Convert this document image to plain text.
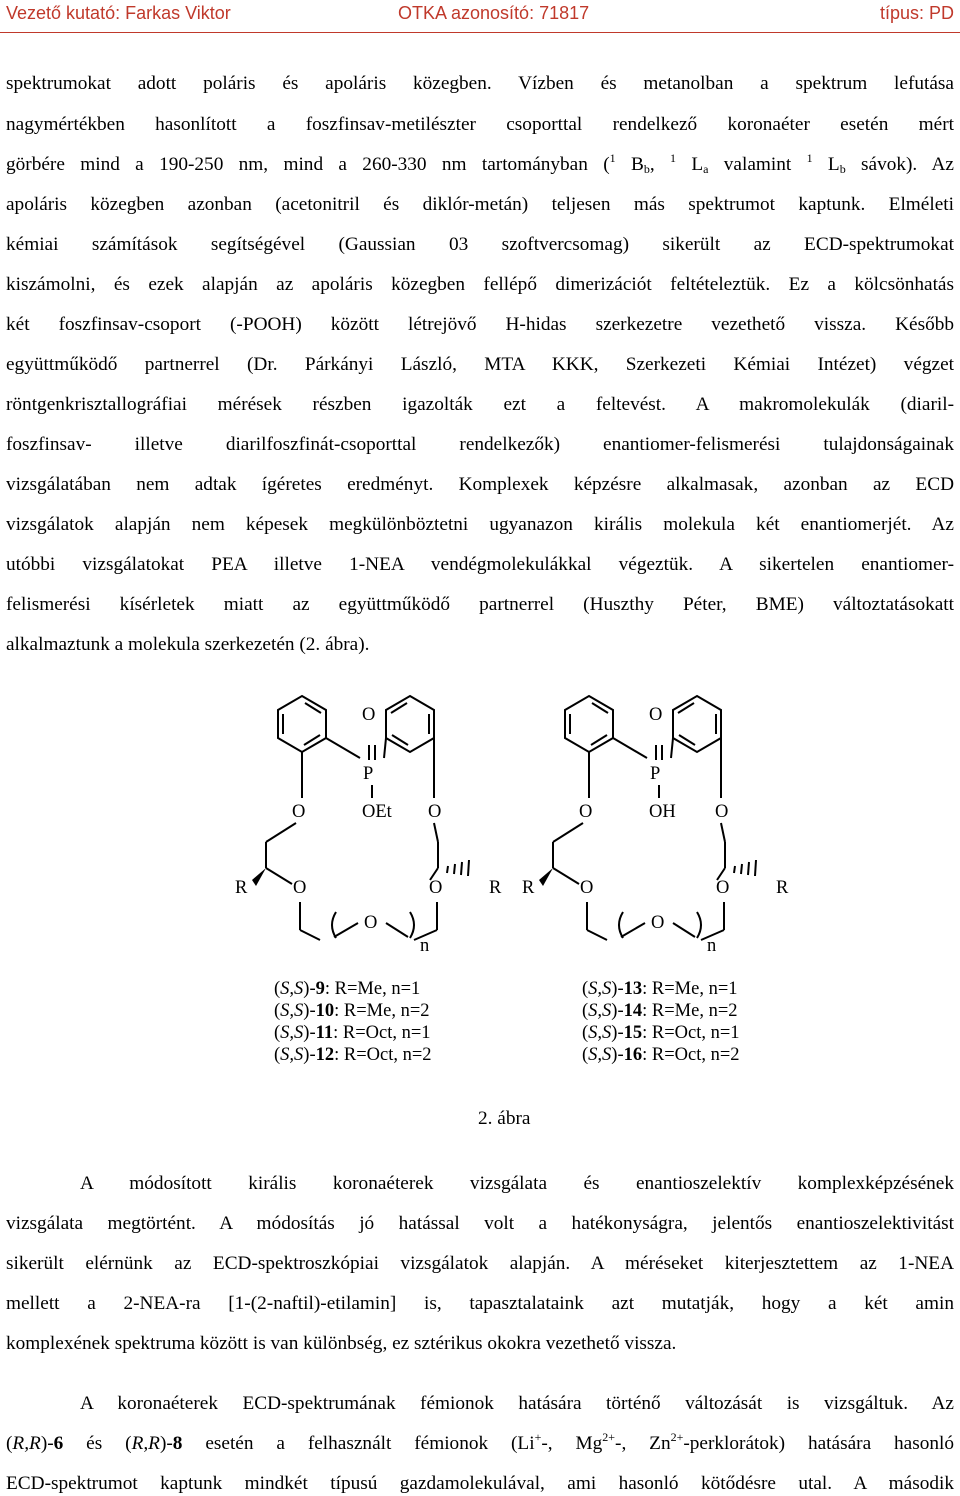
Vezető kutató: Farkas Viktor	OTKA azonosító: 71817	típus: PD
spektrumokat adott poláris és apoláris közegben. Vízben és metanolban a spektrum lefutása
nagymértékben hasonlított a foszfinsav-metilészter csoporttal rendelkező koronaéter esetén mért
görbére mind a 190-250 nm, mind a 260-330 nm tartományban ($^1$ $B_b$, $^1$ $L_a$ valamint $^1$ $L_b$ sávok). Az
apoláris közegben azonban (acetonitril és diklór-metán) teljesen más spektrumot kaptunk. Elméleti
kémiai számítások segítségével (Gaussian 03 szoftvercsomag) sikerült az ECD-spektrumokat
kiszámolni, és ezek alapján az apoláris közegben fellépő dimerizációt feltételeztük. Ez a kölcsönhatás
két foszfinsav-csoport (-POOH) között létrejövő H-hidas szerkezetre vezethető vissza. Később
együttműködő partnerrel (Dr. Párkányi László, MTA KKK, Szerkezeti Kémiai Intézet) végzet
röntgenkrisztallográfiai mérések részben igazolták ezt a feltevést. A makromolekulák (diaril-
foszfinsav- illetve diarilfoszfinát-csoporttal rendelkezők) enantiomer-felismerési tulajdonságainak
vizsgálatában nem adtak ígéretes eredményt. Komplexek képzésre alkalmasak, azonban az ECD
vizsgálatok alapján nem képesek megkülönböztetni ugyanazon királis molekula két enantiomerjét. Az
utóbbi vizsgálatokat PEA illetve 1-NEA vendégmolekulákkal végeztük. A sikertelen enantiomer-
felismerési kísérletek miatt az együttműködő partnerrel (Huszthy Péter, BME) változtatásokatt
alkalmaztunk a molekula szerkezetén (2. ábra).
O
P
O	OEt O
R O	O	R
O
n
O
P
O	OH O
R O	O	R
O
n
(S,S)-9: R=Me, n=1
(S,S)-10: R=Me, n=2
(S,S)-11: R=Oct, n=1
(S,S)-12: R=Oct, n=2
(S,S)-13: R=Me, n=1
(S,S)-14: R=Me, n=2
(S,S)-15: R=Oct, n=1
(S,S)-16: R=Oct, n=2
2. ábra
A módosított királis koronaéterek vizsgálata és enantioszelektív komplexképzésének
vizsgálata megtörtént. A módosítás jó hatással volt a hatékonyságra, jelentős enantioszelektivitást
sikerült elérnünk az ECD-spektroszkópiai vizsgálatok alapján. A méréseket kiterjesztettem az 1-NEA
mellett a 2-NEA-ra [1-(2-naftil)-etilamin] is, tapasztalataink azt mutatják, hogy a két amin
komplexének spektruma között is van különbség, ez sztérikus okokra vezethető vissza.
A koronaéterek ECD-spektrumának fémionok hatására történő változását is vizsgáltuk. Az
(R,R)-6 és (R,R)-8 esetén a felhasznált fémionok (Li+-, $Mg^{2+}-$, $Zn^{2+}-perklorátok$) hatására hasonló
ECD-spektrumot kaptunk mindkét típusú gazdamolekulával, ami hasonló kötődésre utal. A második
